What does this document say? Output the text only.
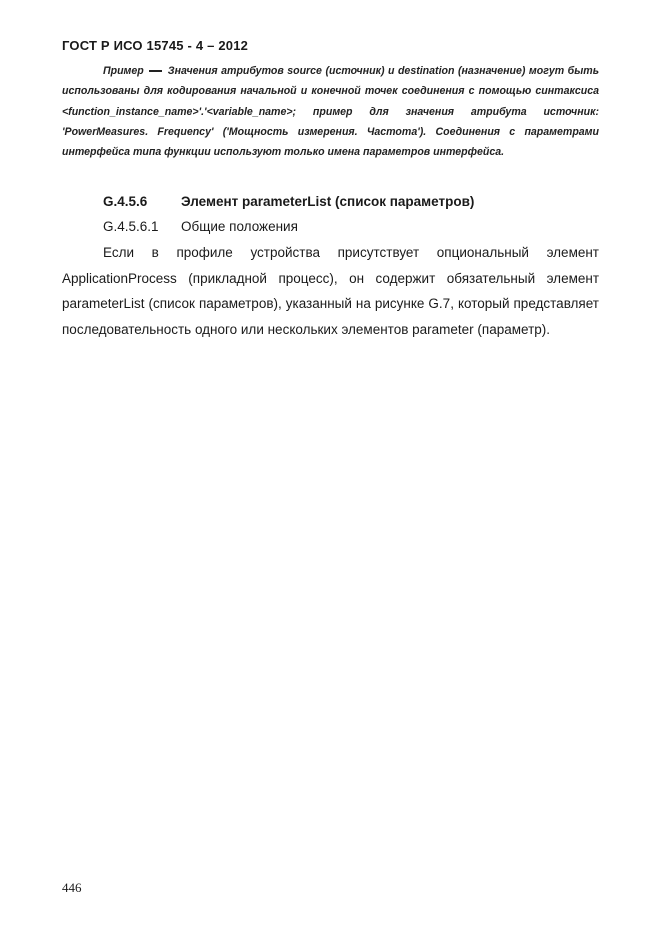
ГОСТ Р ИСО 15745 - 4 – 2012
Пример Значения атрибутов source (источник) и destination (назначение) могут быть использованы для кодирования начальной и конечной точек соединения с помощью синтаксиса <function_instance_name>'.'<variable_name>; пример для значения атрибута источник: 'PowerMeasures. Frequency' ('Мощность измерения. Частота'). Соединения с параметрами интерфейса типа функции используют только имена параметров интерфейса.
G.4.5.6 Элемент parameterList (список параметров)
G.4.5.6.1 Общие положения
Если в профиле устройства присутствует опциональный элемент ApplicationProcess (прикладной процесс), он содержит обязательный элемент parameterList (список параметров), указанный на рисунке G.7, который представляет последовательность одного или нескольких элементов parameter (параметр).
446
